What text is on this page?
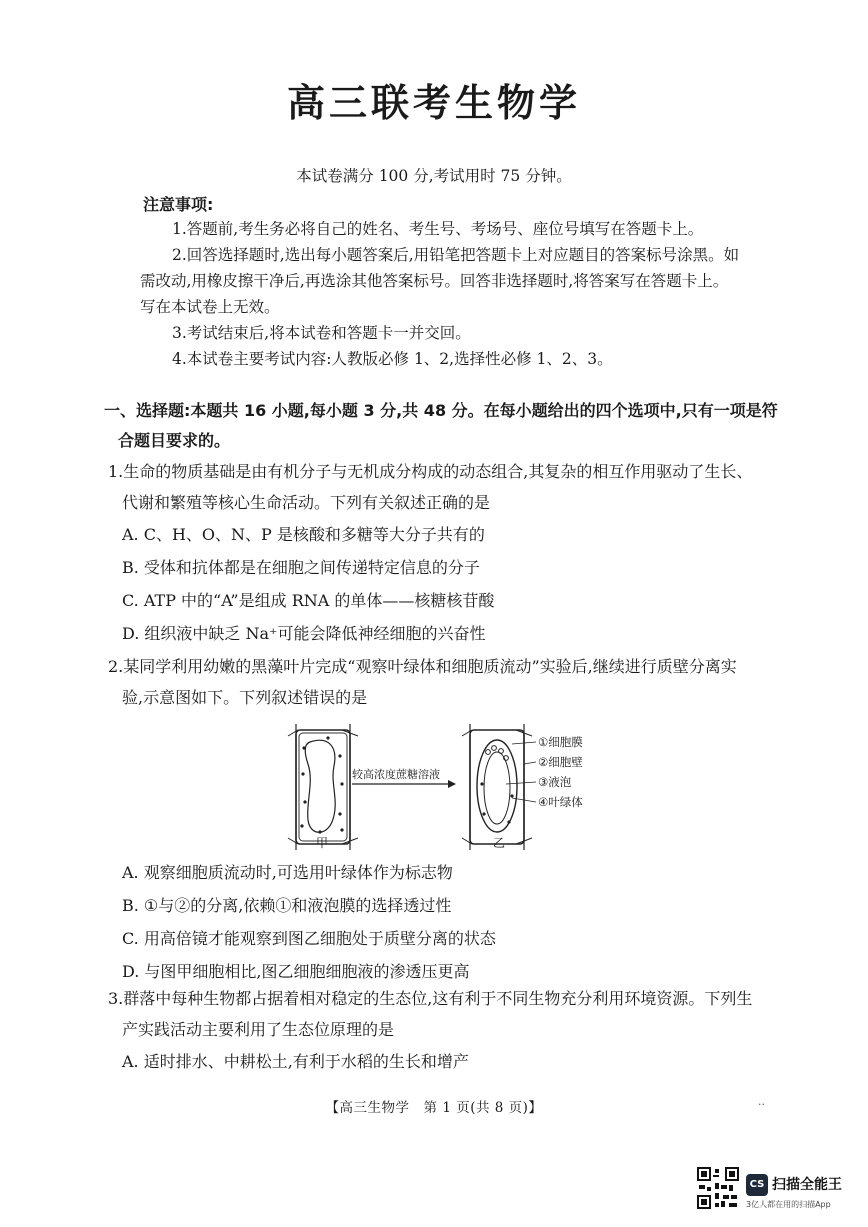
高三联考生物学
本试卷满分 100 分,考试用时 75 分钟。
注意事项:

1.答题前,考生务必将自己的姓名、考生号、考场号、座位号填写在答题卡上。

2.回答选择题时,选出每小题答案后,用铅笔把答题卡上对应题目的答案标号涂黑。如需改动,用橡皮擦干净后,再选涂其他答案标号。回答非选择题时,将答案写在答题卡上。写在本试卷上无效。

3.考试结束后,将本试卷和答题卡一并交回。

4.本试卷主要考试内容:人教版必修 1、2,选择性必修 1、2、3。

一、选择题:本题共 16 小题,每小题 3 分,共 48 分。在每小题给出的四个选项中,只有一项是符
合题目要求的。

1.生命的物质基础是由有机分子与无机成分构成的动态组合,其复杂的相互作用驱动了生长、
代谢和繁殖等核心生命活动。下列有关叙述正确的是

A. C、H、O、N、P 是核酸和多糖等大分子共有的

B. 受体和抗体都是在细胞之间传递特定信息的分子

C. ATP 中的“A”是组成 RNA 的单体——核糖核苷酸

D. 组织液中缺乏 Na⁺可能会降低神经细胞的兴奋性

2.某同学利用幼嫩的黑藻叶片完成“观察叶绿体和细胞质流动”实验后,继续进行质壁分离实
验,示意图如下。下列叙述错误的是

较高浓度蔗糖溶液
①细胞膜
②细胞壁
③液泡
④叶绿体
甲	乙

A. 观察细胞质流动时,可选用叶绿体作为标志物

B. ①与②的分离,依赖①和液泡膜的选择透过性

C. 用高倍镜才能观察到图乙细胞处于质壁分离的状态

D. 与图甲细胞相比,图乙细胞细胞液的渗透压更高

3.群落中每种生物都占据着相对稳定的生态位,这有利于不同生物充分利用环境资源。下列生
产实践活动主要利用了生态位原理的是

A. 适时排水、中耕松土,有利于水稻的生长和增产

【高三生物学　第 1 页(共 8 页)】	··
CS 扫描全能王
3亿人都在用的扫描App
